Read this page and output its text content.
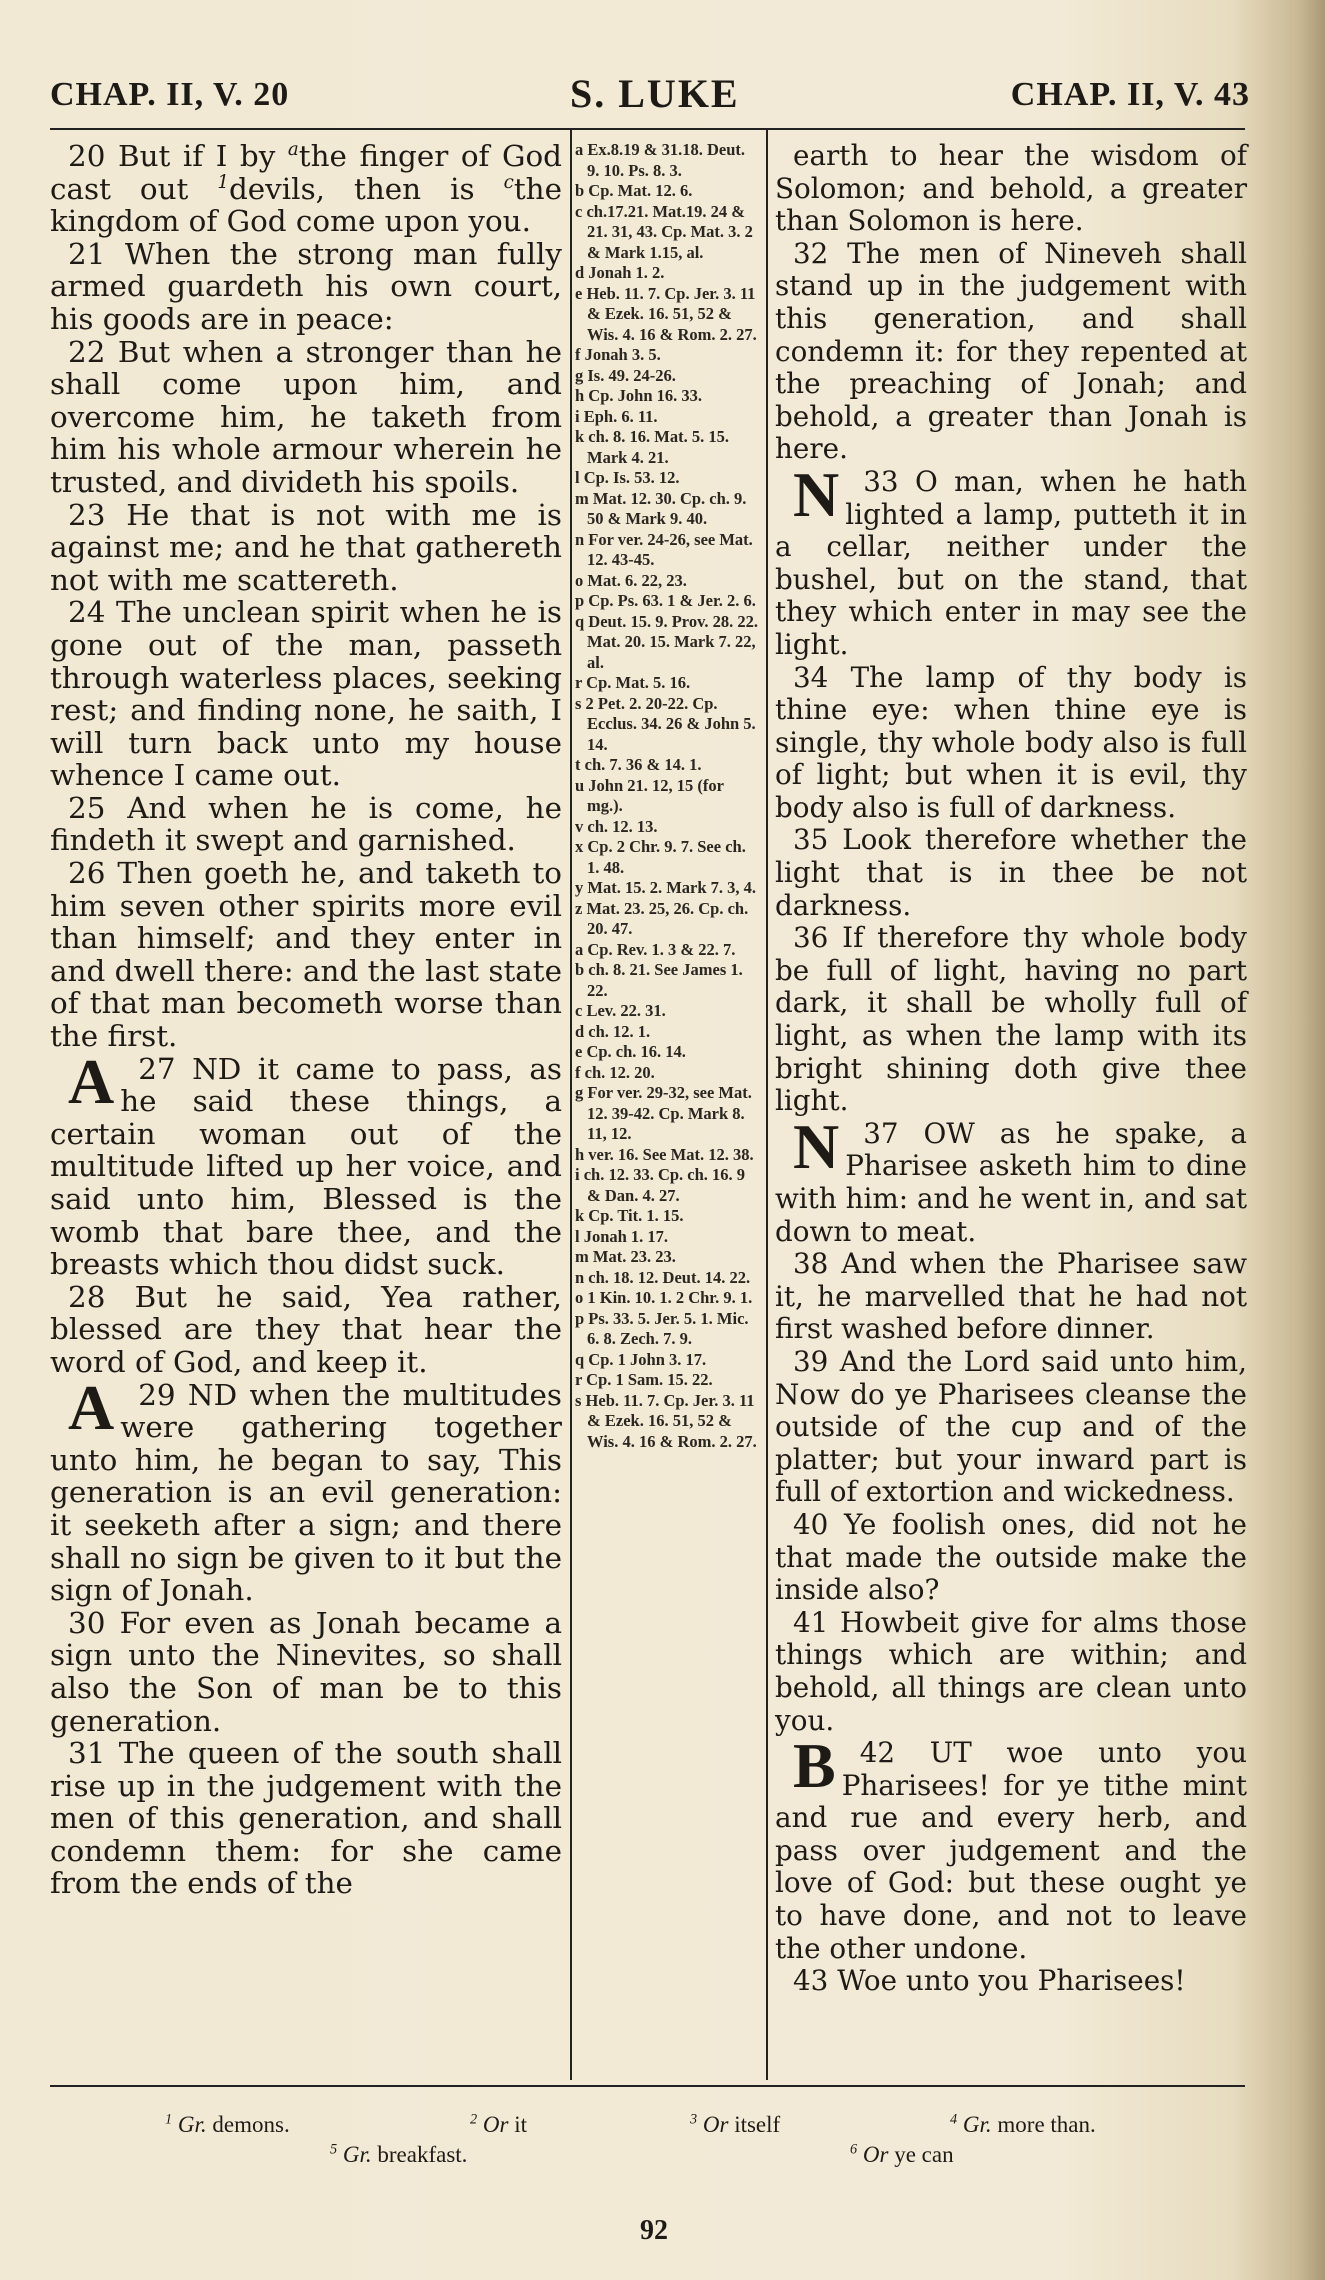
CHAP. II, V. 20	S. LUKE	CHAP. II, V. 43

20 But if I by $^a$the finger of God cast out $^1$devils, then is $^c$the kingdom of God come upon you.

21 When the strong man fully armed guardeth his own court, his goods are in peace:

22 But when a stronger than he shall come upon him, and overcome him, he taketh from him his whole armour wherein he trusted, and divideth his spoils.

23 He that is not with me is against me; and he that gathereth not with me scattereth.

24 The unclean spirit when he is gone out of the man, passeth through waterless places, seeking rest; and finding none, he saith, I will turn back unto my house whence I came out.

25 And when he is come, he findeth it swept and garnished.

26 Then goeth he, and taketh to him seven other spirits more evil than himself; and they enter in and dwell there: and the last state of that man becometh worse than the first.

27
A	ND it came to pass, as he said these things, a certain woman out of the multitude lifted up her voice, and said unto him, Blessed is the womb that bare thee, and the breasts which thou didst suck.

28 But he said, Yea rather, blessed are they that hear the word of God, and keep it.

29
A	ND when the multitudes were gathering together unto him, he began to say, This generation is an evil generation: it seeketh after a sign; and there shall no sign be given to it but the sign of Jonah.

30 For even as Jonah became a sign unto the Ninevites, so shall also the Son of man be to this generation.

31 The queen of the south shall rise up in the judgement with the men of this generation, and shall condemn them: for she came from the ends of the

a Ex.8.19 & 31.18. Deut. 9. 10. Ps. 8. 3.

b Cp. Mat. 12. 6.

c ch.17.21. Mat.19. 24 & 21. 31, 43. Cp. Mat. 3. 2 & Mark 1.15, al.

d Jonah 1. 2.

e Heb. 11. 7. Cp. Jer. 3. 11 & Ezek. 16. 51, 52 & Wis. 4. 16 & Rom. 2. 27.

f Jonah 3. 5.

g Is. 49. 24-26.

h Cp. John 16. 33.

i Eph. 6. 11.

k ch. 8. 16. Mat. 5. 15. Mark 4. 21.

l Cp. Is. 53. 12.

m Mat. 12. 30. Cp. ch. 9. 50 & Mark 9. 40.

n For ver. 24-26, see Mat. 12. 43-45.

o Mat. 6. 22, 23.

p Cp. Ps. 63. 1 & Jer. 2. 6.

q Deut. 15. 9. Prov. 28. 22. Mat. 20. 15. Mark 7. 22, al.

r Cp. Mat. 5. 16.

s 2 Pet. 2. 20-22. Cp. Ecclus. 34. 26 & John 5. 14.

t ch. 7. 36 & 14. 1.

u John 21. 12, 15 (for mg.).

v ch. 12. 13.

x Cp. 2 Chr. 9. 7. See ch. 1. 48.

y Mat. 15. 2. Mark 7. 3, 4.

z Mat. 23. 25, 26. Cp. ch. 20. 47.

a Cp. Rev. 1. 3 & 22. 7.

b ch. 8. 21. See James 1. 22.

c Lev. 22. 31.

d ch. 12. 1.

e Cp. ch. 16. 14.

f ch. 12. 20.

g For ver. 29-32, see Mat. 12. 39-42. Cp. Mark 8. 11, 12.

h ver. 16. See Mat. 12. 38.

i ch. 12. 33. Cp. ch. 16. 9 & Dan. 4. 27.

k Cp. Tit. 1. 15.

l Jonah 1. 17.

m Mat. 23. 23.

n ch. 18. 12. Deut. 14. 22.

o 1 Kin. 10. 1. 2 Chr. 9. 1.

p Ps. 33. 5. Jer. 5. 1. Mic. 6. 8. Zech. 7. 9.

q Cp. 1 John 3. 17.

r Cp. 1 Sam. 15. 22.

s Heb. 11. 7. Cp. Jer. 3. 11 & Ezek. 16. 51, 52 & Wis. 4. 16 & Rom. 2. 27.

earth to hear the wisdom of Solomon; and behold, a greater than Solomon is here.

32 The men of Nineveh shall stand up in the judgement with this generation, and shall condemn it: for they repented at the preaching of Jonah; and behold, a greater than Jonah is here.

33
N	O man, when he hath lighted a lamp, putteth it in a cellar, neither under the bushel, but on the stand, that they which enter in may see the light.

34 The lamp of thy body is thine eye: when thine eye is single, thy whole body also is full of light; but when it is evil, thy body also is full of darkness.

35 Look therefore whether the light that is in thee be not darkness.

36 If therefore thy whole body be full of light, having no part dark, it shall be wholly full of light, as when the lamp with its bright shining doth give thee light.

37
N	OW as he spake, a Pharisee asketh him to dine with him: and he went in, and sat down to meat.

38 And when the Pharisee saw it, he marvelled that he had not first washed before dinner.

39 And the Lord said unto him, Now do ye Pharisees cleanse the outside of the cup and of the platter; but your inward part is full of extortion and wickedness.

40 Ye foolish ones, did not he that made the outside make the inside also?

41 Howbeit give for alms those things which are within; and behold, all things are clean unto you.

42
B	UT woe unto you Pharisees! for ye tithe mint and rue and every herb, and pass over judgement and the love of God: but these ought ye to have done, and not to leave the other undone.

43 Woe unto you Pharisees!

$^1$ Gr. demons.	$^2$ Or it	$^3$ Or itself	$^4$ Gr. more than.
$^5$ Gr. breakfast.	$^6$ Or ye can
92
